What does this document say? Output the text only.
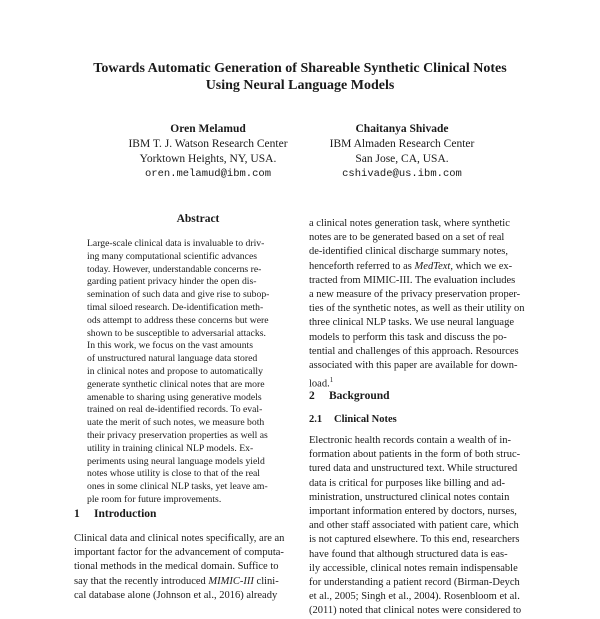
Towards Automatic Generation of Shareable Synthetic Clinical Notes
Using Neural Language Models
Oren Melamud
IBM T. J. Watson Research Center
Yorktown Heights, NY, USA.
oren.melamud@ibm.com
Chaitanya Shivade
IBM Almaden Research Center
San Jose, CA, USA.
cshivade@us.ibm.com
Abstract
Large-scale clinical data is invaluable to driv-
ing many computational scientific advances
today. However, understandable concerns re-
garding patient privacy hinder the open dis-
semination of such data and give rise to subop-
timal siloed research. De-identification meth-
ods attempt to address these concerns but were
shown to be susceptible to adversarial attacks.
In this work, we focus on the vast amounts
of unstructured natural language data stored
in clinical notes and propose to automatically
generate synthetic clinical notes that are more
amenable to sharing using generative models
trained on real de-identified records. To eval-
uate the merit of such notes, we measure both
their privacy preservation properties as well as
utility in training clinical NLP models. Ex-
periments using neural language models yield
notes whose utility is close to that of the real
ones in some clinical NLP tasks, yet leave am-
ple room for future improvements.
1 Introduction
Clinical data and clinical notes specifically, are an
important factor for the advancement of computa-
tional methods in the medical domain. Suffice to
say that the recently introduced MIMIC-III clini-
cal database alone (Johnson et al., 2016) already
a clinical notes generation task, where synthetic
notes are to be generated based on a set of real
de-identified clinical discharge summary notes,
henceforth referred to as MedText, which we ex-
tracted from MIMIC-III. The evaluation includes
a new measure of the privacy preservation proper-
ties of the synthetic notes, as well as their utility on
three clinical NLP tasks. We use neural language
models to perform this task and discuss the po-
tential and challenges of this approach. Resources
associated with this paper are available for down-
load.$^1$
2 Background
2.1 Clinical Notes
Electronic health records contain a wealth of in-
formation about patients in the form of both struc-
tured data and unstructured text. While structured
data is critical for purposes like billing and ad-
ministration, unstructured clinical notes contain
important information entered by doctors, nurses,
and other staff associated with patient care, which
is not captured elsewhere. To this end, researchers
have found that although structured data is eas-
ily accessible, clinical notes remain indispensable
for understanding a patient record (Birman-Deych
et al., 2005; Singh et al., 2004). Rosenbloom et al.
(2011) noted that clinical notes were considered to
